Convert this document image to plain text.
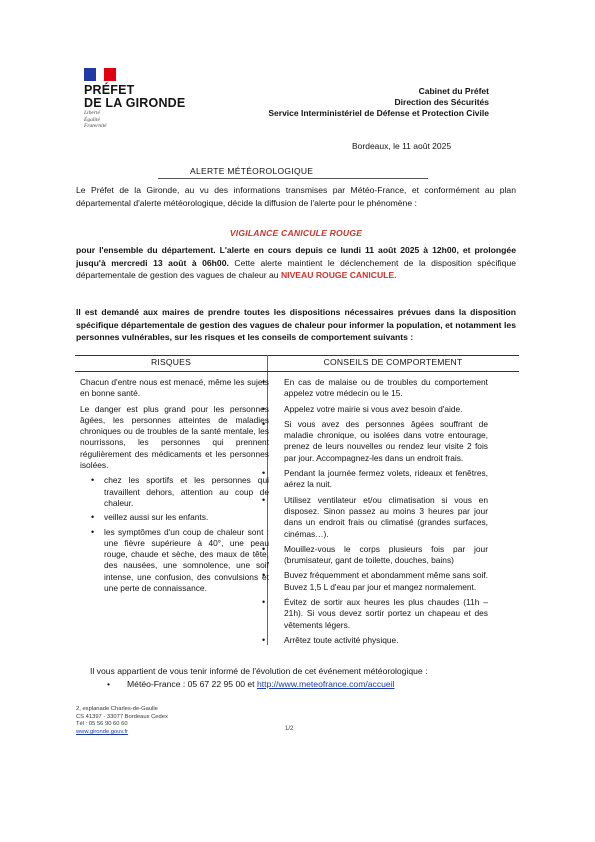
PRÉFET
DE LA GIRONDE
Liberté
Égalité
Fraternité
Cabinet du Préfet
Direction des Sécurités
Service Interministériel de Défense et Protection Civile
Bordeaux, le 11 août 2025
ALERTE MÉTÉOROLOGIQUE
Le Préfet de la Gironde, au vu des informations transmises par Météo-France, et conformément au plan départemental d'alerte météorologique, décide la diffusion de l'alerte pour le phénomène :
VIGILANCE CANICULE ROUGE
pour l'ensemble du département. L'alerte en cours depuis ce lundi 11 août 2025 à 12h00, et prolongée jusqu'à mercredi 13 août à 06h00. Cette alerte maintient le déclenchement de la disposition spécifique départementale de gestion des vagues de chaleur au NIVEAU ROUGE CANICULE.
Il est demandé aux maires de prendre toutes les dispositions nécessaires prévues dans la disposition spécifique départementale de gestion des vagues de chaleur pour informer la population, et notamment les personnes vulnérables, sur les risques et les conseils de comportement suivants :
RISQUES	CONSEILS DE COMPORTEMENT

Chacun d'entre nous est menacé, même les sujets en bonne santé.

Le danger est plus grand pour les personnes âgées, les personnes atteintes de maladies chroniques ou de troubles de la santé mentale, les nourrissons, les personnes qui prennent régulièrement des médicaments et les personnes isolées.

• chez les sportifs et les personnes qui travaillent dehors, attention au coup de chaleur.
• veillez aussi sur les enfants.
• les symptômes d'un coup de chaleur sont : une fièvre supérieure à 40°, une peau rouge, chaude et sèche, des maux de tête, des nausées, une somnolence, une soif intense, une confusion, des convulsions et une perte de connaissance.
• En cas de malaise ou de troubles du comportement appelez votre médecin ou le 15.
• Appelez votre mairie si vous avez besoin d'aide.
• Si vous avez des personnes âgées souffrant de maladie chronique, ou isolées dans votre entourage, prenez de leurs nouvelles ou rendez leur visite 2 fois par jour. Accompagnez-les dans un endroit frais.
• Pendant la journée fermez volets, rideaux et fenêtres, aérez la nuit.
• Utilisez ventilateur et/ou climatisation si vous en disposez. Sinon passez au moins 3 heures par jour dans un endroit frais ou climatisé (grandes surfaces, cinémas…).
• Mouillez-vous le corps plusieurs fois par jour (brumisateur, gant de toilette, douches, bains)
• Buvez fréquemment et abondamment même sans soif. Buvez 1,5 L d'eau par jour et mangez normalement.
• Évitez de sortir aux heures les plus chaudes (11h – 21h). Si vous devez sortir portez un chapeau et des vêtements légers.
• Arrêtez toute activité physique.
Il vous appartient de vous tenir informé de l'évolution de cet événement météorologique :
• Météo-France : 05 67 22 95 00 et http://www.meteofrance.com/accueil
2, esplanade Charles-de-Gaulle
CS 41397 - 33077 Bordeaux Cedex
Tél : 05 56 90 60 60
www.gironde.gouv.fr	1/2
